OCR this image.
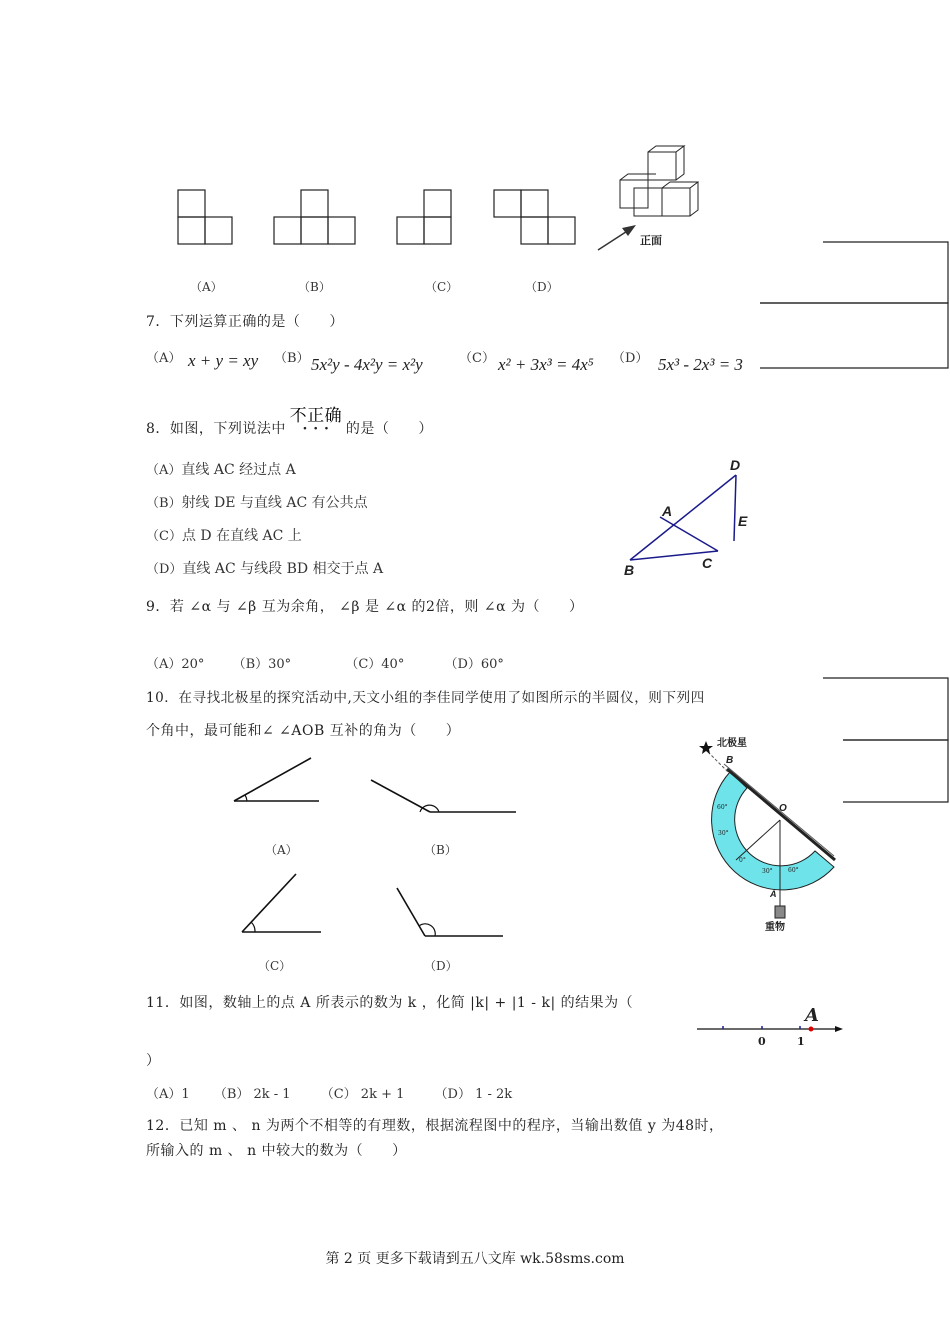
正面
（A）	（B）	（C）	（D）
7．下列运算正确的是（　　）
（A） x + y = xy （B） 5x²y - 4x²y = x²y	（C） x² + 3x³ = 4x⁵ （D） 5x³ - 2x³ = 3
8．如图，下列说法中
不正确
· · · 的是（　　）
（A）直线 AC 经过点 A
（B）射线 DE 与直线 AC 有公共点
（C）点 D 在直线 AC 上
（D）直线 AC 与线段 BD 相交于点 A
D
A
E
B	C
9．若 ∠α 与 ∠β 互为余角， ∠β 是 ∠α 的2倍，则 ∠α 为（　　）
（A）20° （B）30°	（C）40°	（D）60°
10．在寻找北极星的探究活动中,天文小组的李佳同学使用了如图所示的半圆仪，则下列四
个角中，最可能和∠ ∠AOB 互补的角为（　　）
（A）	（B）
（C）	（D）
北极星
B
O
A
60°
30°
0°
30°	60°
重物
11．如图，数轴上的点 A 所表示的数为 k ，化简 |k| + |1 - k| 的结果为（
）
0	1
A
（A）1 （B） 2k - 1 （C） 2k + 1 （D） 1 - 2k
12．已知 m 、 n 为两个不相等的有理数，根据流程图中的程序，当输出数值 y 为48时，
所输入的 m 、 n 中较大的数为（　　）
第 2 页 更多下载请到五八文库 wk.58sms.com
